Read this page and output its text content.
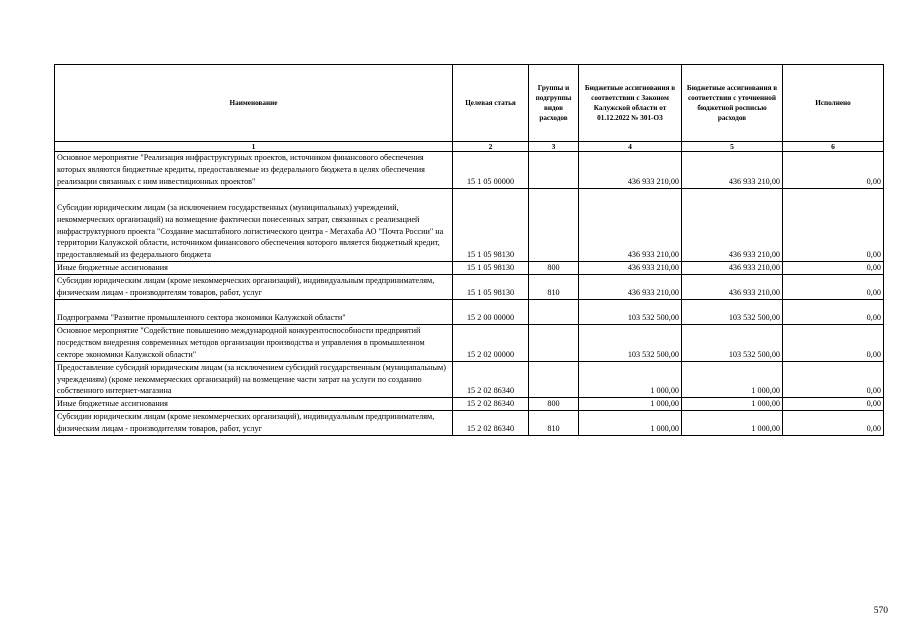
Наименование	Целевая статья	Группы и подгруппы видов расходов	Бюджетные ассигнования в соответствии с Законом Калужской области от 01.12.2022 № 301-ОЗ	Бюджетные ассигнования в соответствии с уточненной бюджетной росписью расходов	Исполнено
1	2	3	4	5	6
Основное мероприятие "Реализация инфраструктурных проектов, источником финансового обеспечения которых являются бюджетные кредиты, предоставляемые из федерального бюджета в целях обеспечения реализации связанных с ним инвестиционных проектов"	15 1 05 00000		436 933 210,00	436 933 210,00	0,00
Субсидии юридическим лицам (за исключением государственных (муниципальных) учреждений, некоммерческих организаций) на возмещение фактически понесенных затрат, связанных с реализацией инфраструктурного проекта "Создание масштабного логистического центра - Мегахаба АО "Почта России" на территории Калужской области, источником финансового обеспечения которого является бюджетный кредит, предоставляемый из федерального бюджета	15 1 05 98130		436 933 210,00	436 933 210,00	0,00
Иные бюджетные ассигнования	15 1 05 98130	800	436 933 210,00	436 933 210,00	0,00
Субсидии юридическим лицам (кроме некоммерческих организаций), индивидуальным предпринимателям, физическим лицам - производителям товаров, работ, услуг	15 1 05 98130	810	436 933 210,00	436 933 210,00	0,00
Подпрограмма "Развитие промышленного сектора экономики Калужской области"	15 2 00 00000		103 532 500,00	103 532 500,00	0,00
Основное мероприятие "Содействие повышению международной конкурентоспособности предприятий посредством внедрения современных методов организации производства и управления в промышленном секторе экономики Калужской области"	15 2 02 00000		103 532 500,00	103 532 500,00	0,00
Предоставление субсидий юридическим лицам (за исключением субсидий государственным (муниципальным) учреждениям) (кроме некоммерческих организаций) на возмещение части затрат на услуги по созданию собственного интернет-магазина	15 2 02 86340		1 000,00	1 000,00	0,00
Иные бюджетные ассигнования	15 2 02 86340	800	1 000,00	1 000,00	0,00
Субсидии юридическим лицам (кроме некоммерческих организаций), индивидуальным предпринимателям, физическим лицам - производителям товаров, работ, услуг	15 2 02 86340	810	1 000,00	1 000,00	0,00
570
